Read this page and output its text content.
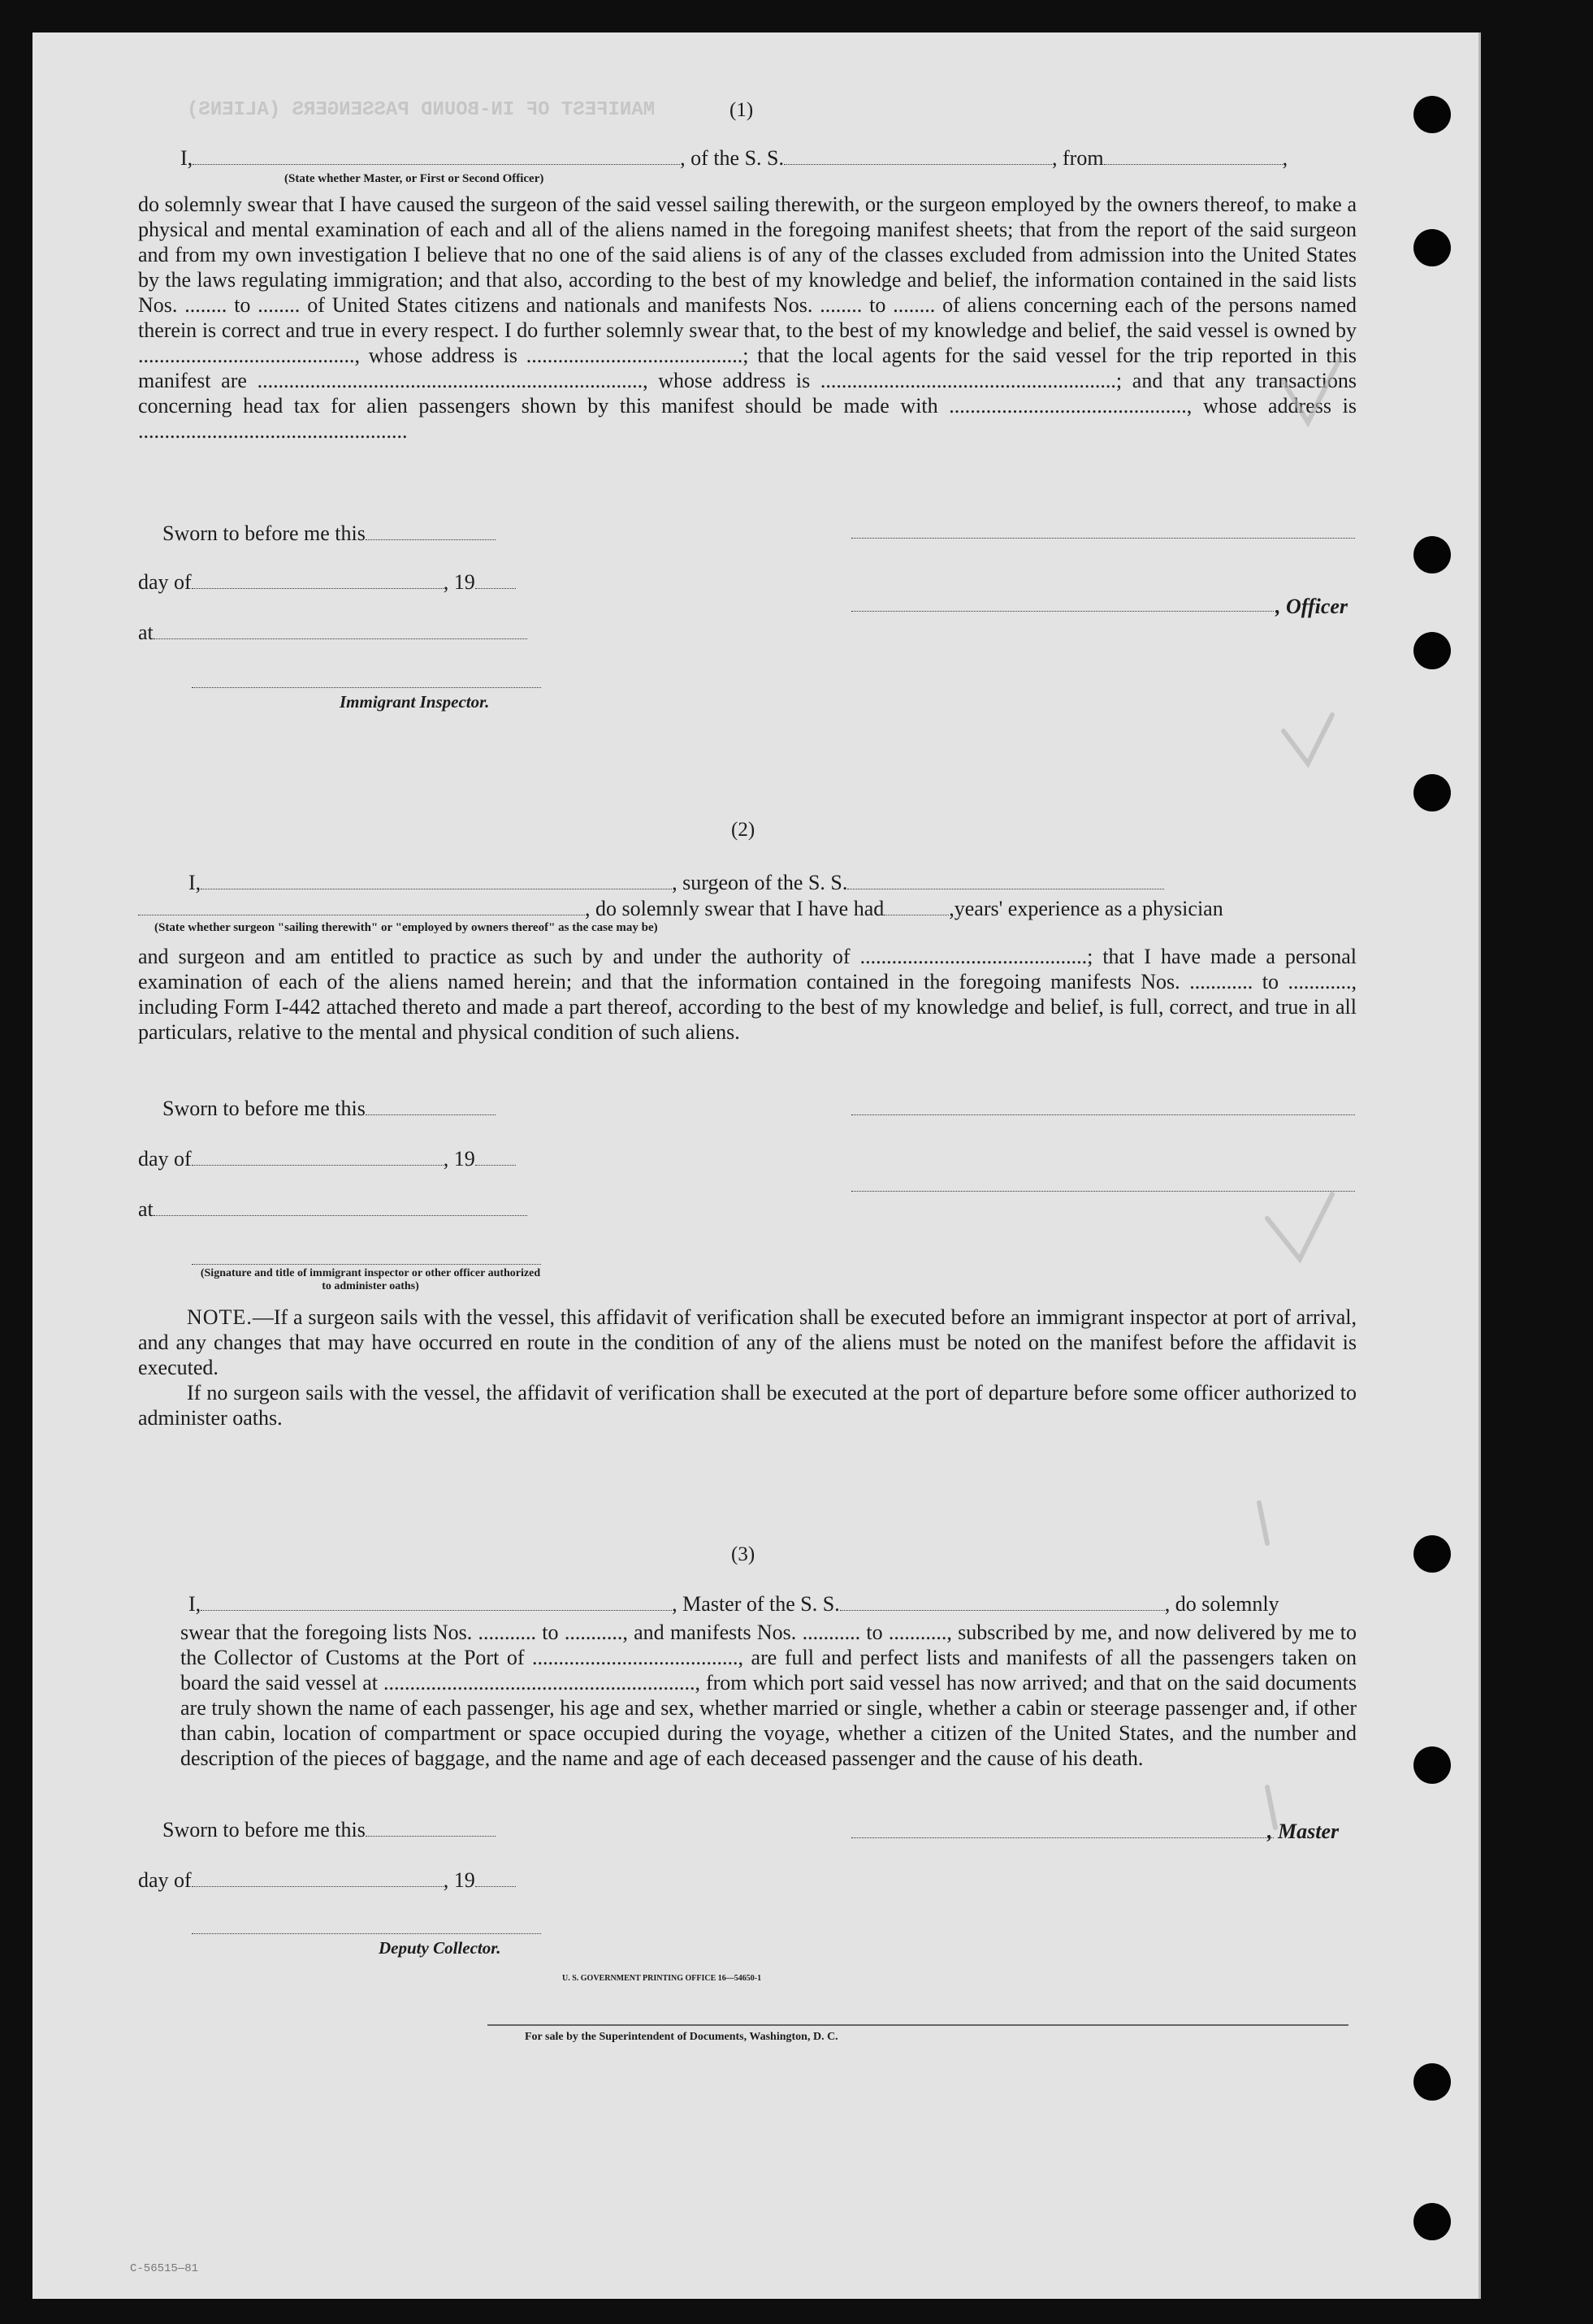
MANIFEST OF IN-BOUND PASSENGERS (ALIENS)
C-56515—81
(1)
I,	, of the S. S.	, from	,
(State whether Master, or First or Second Officer)

do solemnly swear that I have caused the surgeon of the said vessel sailing therewith, or the surgeon employed by the owners thereof, to make a physical and mental examination of each and all of the aliens named in the foregoing manifest sheets; that from the report of the said surgeon and from my own investigation I believe that no one of the said aliens is of any of the classes excluded from admission into the United States by the laws regulating immigration; and that also, according to the best of my knowledge and belief, the information contained in the said lists Nos. ........ to ........ of United States citizens and nationals and manifests Nos. ........ to ........ of aliens concerning each of the persons named therein is correct and true in every respect. I do further solemnly swear that, to the best of my knowledge and belief, the said vessel is owned by ........................................., whose address is .........................................; that the local agents for the said vessel for the trip reported in this manifest are ........................................................................., whose address is ........................................................; and that any transactions concerning head tax for alien passengers shown by this manifest should be made with ............................................., whose address is ...................................................

Sworn to before me this
day of	, 19
at
Immigrant Inspector.
, Officer
(2)
I,	, surgeon of the S. S.
, do solemnly swear that I have had	,years' experience as a physician
(State whether surgeon "sailing therewith" or "employed by owners thereof" as the case may be)

and surgeon and am entitled to practice as such by and under the authority of ...........................................; that I have made a personal examination of each of the aliens named herein; and that the information contained in the foregoing manifests Nos. ............ to ............, including Form I-442 attached thereto and made a part thereof, according to the best of my knowledge and belief, is full, correct, and true in all particulars, relative to the mental and physical condition of such aliens.

Sworn to before me this
day of	, 19
at
(Signature and title of immigrant inspector or other officer authorized to administer oaths)

NOTE.—If a surgeon sails with the vessel, this affidavit of verification shall be executed before an immigrant inspector at port of arrival, and any changes that may have occurred en route in the condition of any of the aliens must be noted on the manifest before the affidavit is executed.

If no surgeon sails with the vessel, the affidavit of verification shall be executed at the port of departure before some officer authorized to administer oaths.

(3)
I,	, Master of the S. S.	, do solemnly

swear that the foregoing lists Nos. ........... to ..........., and manifests Nos. ........... to ..........., subscribed by me, and now delivered by me to the Collector of Customs at the Port of ......................................., are full and perfect lists and manifests of all the passengers taken on board the said vessel at ..........................................................., from which port said vessel has now arrived; and that on the said documents are truly shown the name of each passenger, his age and sex, whether married or single, whether a cabin or steerage passenger and, if other than cabin, location of compartment or space occupied during the voyage, whether a citizen of the United States, and the number and description of the pieces of baggage, and the name and age of each deceased passenger and the cause of his death.

Sworn to before me this	, Master
day of	, 19
Deputy Collector.
U. S. GOVERNMENT PRINTING OFFICE 16—54650-1
For sale by the Superintendent of Documents, Washington, D. C.
